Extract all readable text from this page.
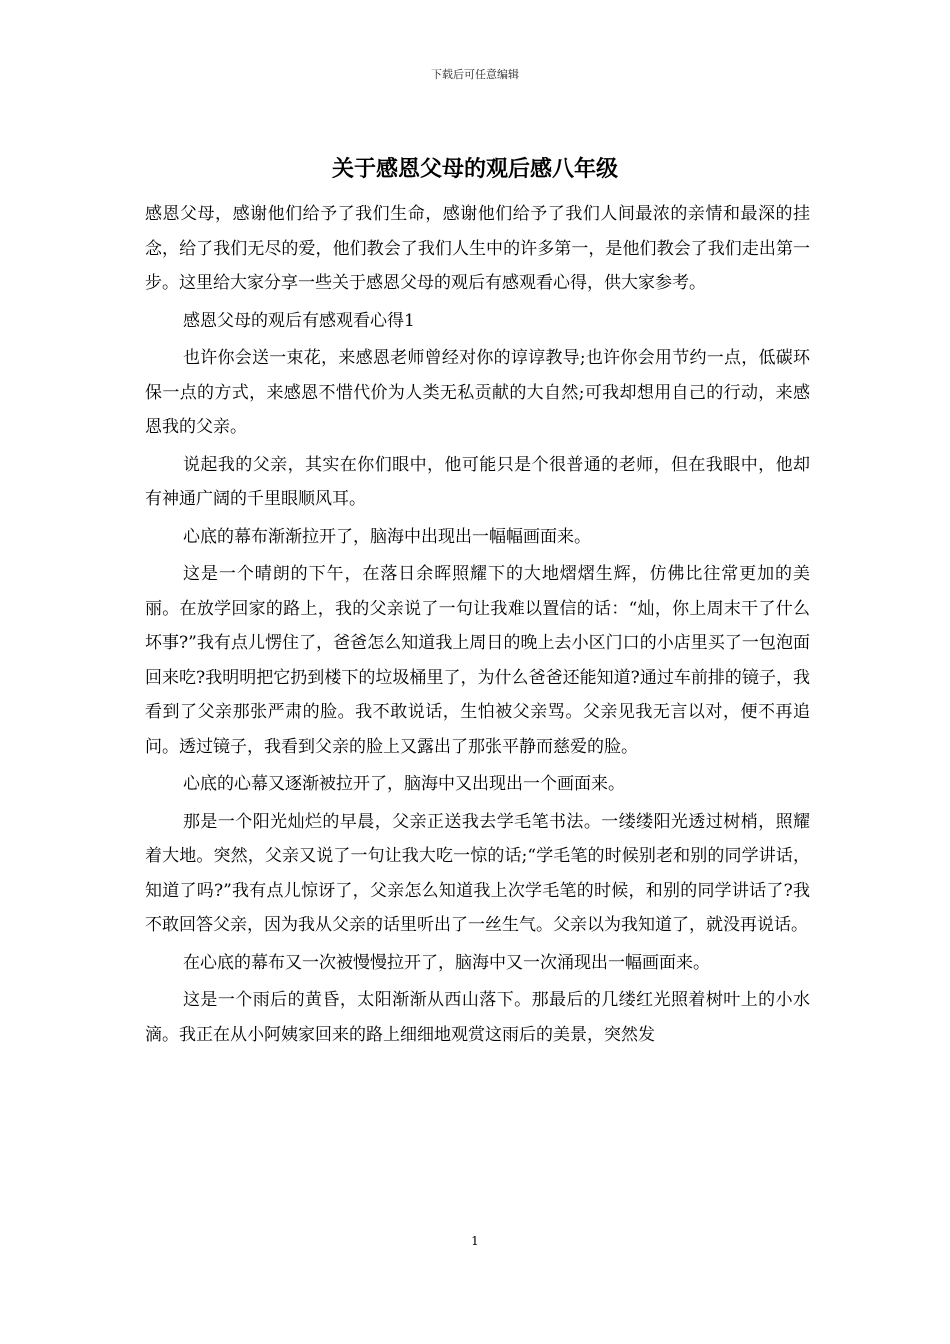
下载后可任意编辑
关于感恩父母的观后感八年级

感恩父母，感谢他们给予了我们生命，感谢他们给予了我们人间最浓的亲情和最深的挂念，给了我们无尽的爱，他们教会了我们人生中的许多第一，是他们教会了我们走出第一步。这里给大家分享一些关于感恩父母的观后有感观看心得，供大家参考。

感恩父母的观后有感观看心得1

也许你会送一束花，来感恩老师曾经对你的谆谆教导;也许你会用节约一点，低碳环保一点的方式，来感恩不惜代价为人类无私贡献的大自然;可我却想用自己的行动，来感恩我的父亲。

说起我的父亲，其实在你们眼中，他可能只是个很普通的老师，但在我眼中，他却有神通广阔的千里眼顺风耳。

心底的幕布渐渐拉开了，脑海中出现出一幅幅画面来。

这是一个晴朗的下午，在落日余晖照耀下的大地熠熠生辉，仿佛比往常更加的美丽。在放学回家的路上，我的父亲说了一句让我难以置信的话：“灿，你上周末干了什么坏事?”我有点儿愣住了，爸爸怎么知道我上周日的晚上去小区门口的小店里买了一包泡面回来吃?我明明把它扔到楼下的垃圾桶里了，为什么爸爸还能知道?通过车前排的镜子，我看到了父亲那张严肃的脸。我不敢说话，生怕被父亲骂。父亲见我无言以对，便不再追问。透过镜子，我看到父亲的脸上又露出了那张平静而慈爱的脸。

心底的心幕又逐渐被拉开了，脑海中又出现出一个画面来。

那是一个阳光灿烂的早晨，父亲正送我去学毛笔书法。一缕缕阳光透过树梢，照耀着大地。突然，父亲又说了一句让我大吃一惊的话;“学毛笔的时候别老和别的同学讲话，知道了吗?”我有点儿惊讶了，父亲怎么知道我上次学毛笔的时候，和别的同学讲话了?我不敢回答父亲，因为我从父亲的话里听出了一丝生气。父亲以为我知道了，就没再说话。

在心底的幕布又一次被慢慢拉开了，脑海中又一次涌现出一幅画面来。

这是一个雨后的黄昏，太阳渐渐从西山落下。那最后的几缕红光照着树叶上的小水滴。我正在从小阿姨家回来的路上细细地观赏这雨后的美景，突然发

1
